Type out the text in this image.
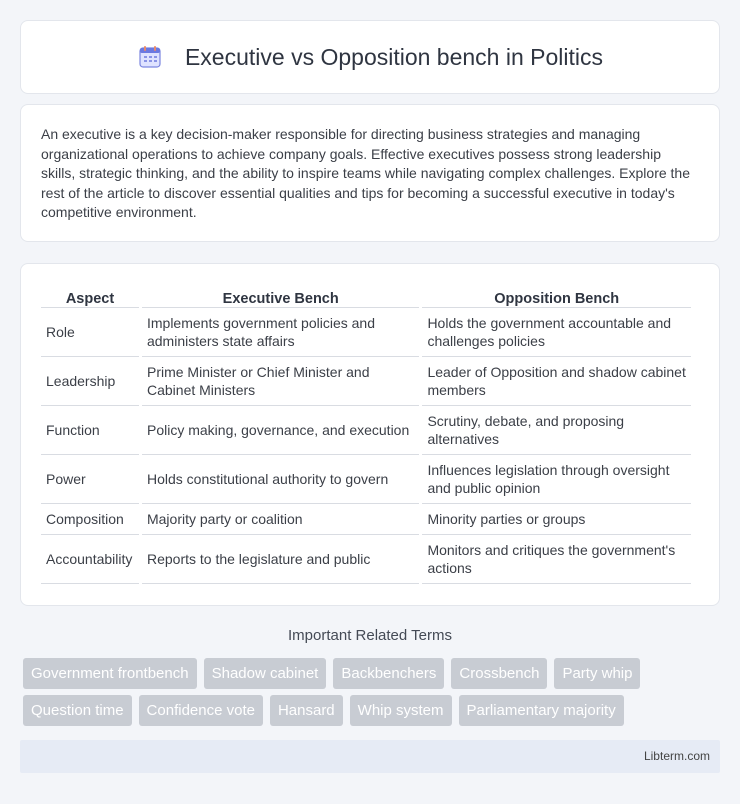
Executive vs Opposition bench in Politics

An executive is a key decision-maker responsible for directing business strategies and managing organizational operations to achieve company goals. Effective executives possess strong leadership skills, strategic thinking, and the ability to inspire teams while navigating complex challenges. Explore the rest of the article to discover essential qualities and tips for becoming a successful executive in today's competitive environment.

Aspect	Executive Bench	Opposition Bench
Role	Implements government policies and administers state affairs	Holds the government accountable and challenges policies
Leadership	Prime Minister or Chief Minister and Cabinet Ministers	Leader of Opposition and shadow cabinet members
Function	Policy making, governance, and execution	Scrutiny, debate, and proposing alternatives
Power	Holds constitutional authority to govern	Influences legislation through oversight and public opinion
Composition	Majority party or coalition	Minority parties or groups
Accountability	Reports to the legislature and public	Monitors and critiques the government's actions
Important Related Terms
Government frontbench	Shadow cabinet	Backbenchers	Crossbench	Party whip
Question time	Confidence vote	Hansard	Whip system	Parliamentary majority
Libterm.com
